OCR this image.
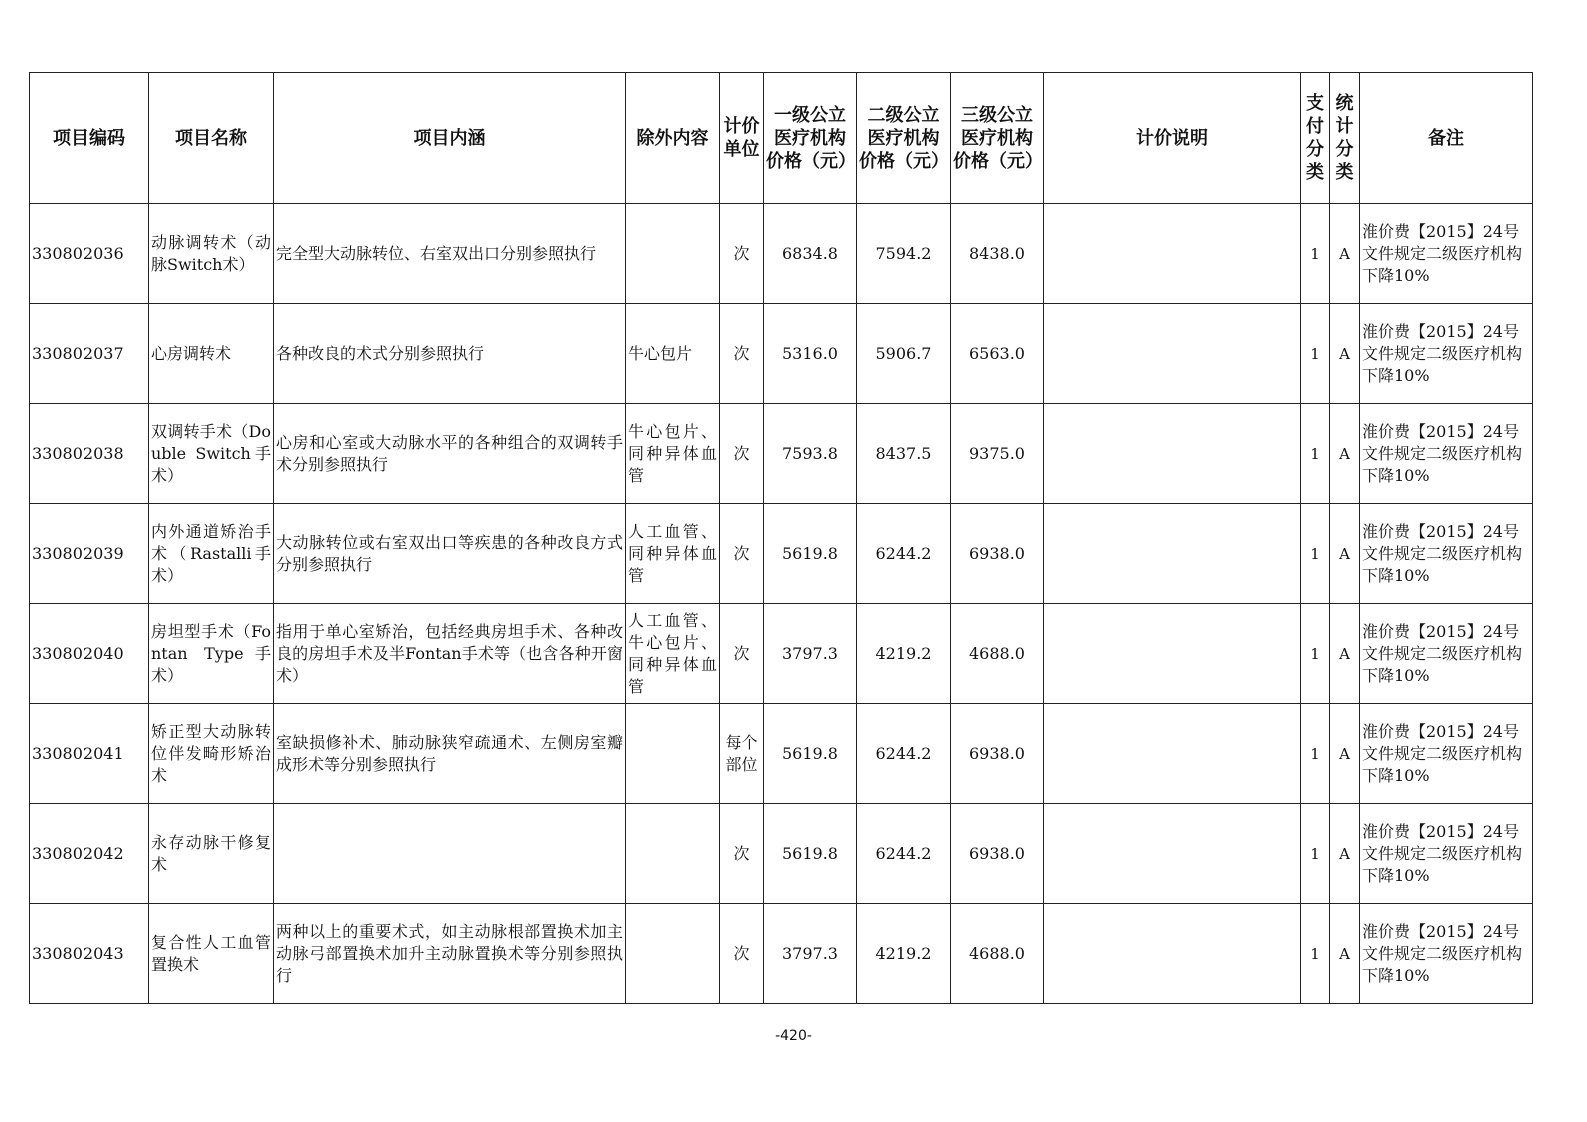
项目编码	项目名称	项目内涵	除外内容	计价单位	一级公立医疗机构价格（元）	二级公立医疗机构价格（元）	三级公立医疗机构价格（元）	计价说明	支付分类	统计分类	备注
330802036	动脉调转术（动脉Switch术）	完全型大动脉转位、右室双出口分别参照执行		次	6834.8	7594.2	8438.0		1	A	淮价费【2015】24号文件规定二级医疗机构下降10%
330802037	心房调转术	各种改良的术式分别参照执行	牛心包片	次	5316.0	5906.7	6563.0		1	A	淮价费【2015】24号文件规定二级医疗机构下降10%
330802038	双调转手术（Double Switch手术）	心房和心室或大动脉水平的各种组合的双调转手术分别参照执行	牛心包片、同种异体血管	次	7593.8	8437.5	9375.0		1	A	淮价费【2015】24号文件规定二级医疗机构下降10%
330802039	内外通道矫治手术（Rastalli手术）	大动脉转位或右室双出口等疾患的各种改良方式分别参照执行	人工血管、同种异体血管	次	5619.8	6244.2	6938.0		1	A	淮价费【2015】24号文件规定二级医疗机构下降10%
330802040	房坦型手术（Fontan Type手术）	指用于单心室矫治，包括经典房坦手术、各种改良的房坦手术及半Fontan手术等（也含各种开窗术）	人工血管、牛心包片、同种异体血管	次	3797.3	4219.2	4688.0		1	A	淮价费【2015】24号文件规定二级医疗机构下降10%
330802041	矫正型大动脉转位伴发畸形矫治术	室缺损修补术、肺动脉狭窄疏通术、左侧房室瓣成形术等分别参照执行		每个部位	5619.8	6244.2	6938.0		1	A	淮价费【2015】24号文件规定二级医疗机构下降10%
330802042	永存动脉干修复术			次	5619.8	6244.2	6938.0		1	A	淮价费【2015】24号文件规定二级医疗机构下降10%
330802043	复合性人工血管置换术	两种以上的重要术式，如主动脉根部置换术加主动脉弓部置换术加升主动脉置换术等分别参照执行		次	3797.3	4219.2	4688.0		1	A	淮价费【2015】24号文件规定二级医疗机构下降10%
-420-
